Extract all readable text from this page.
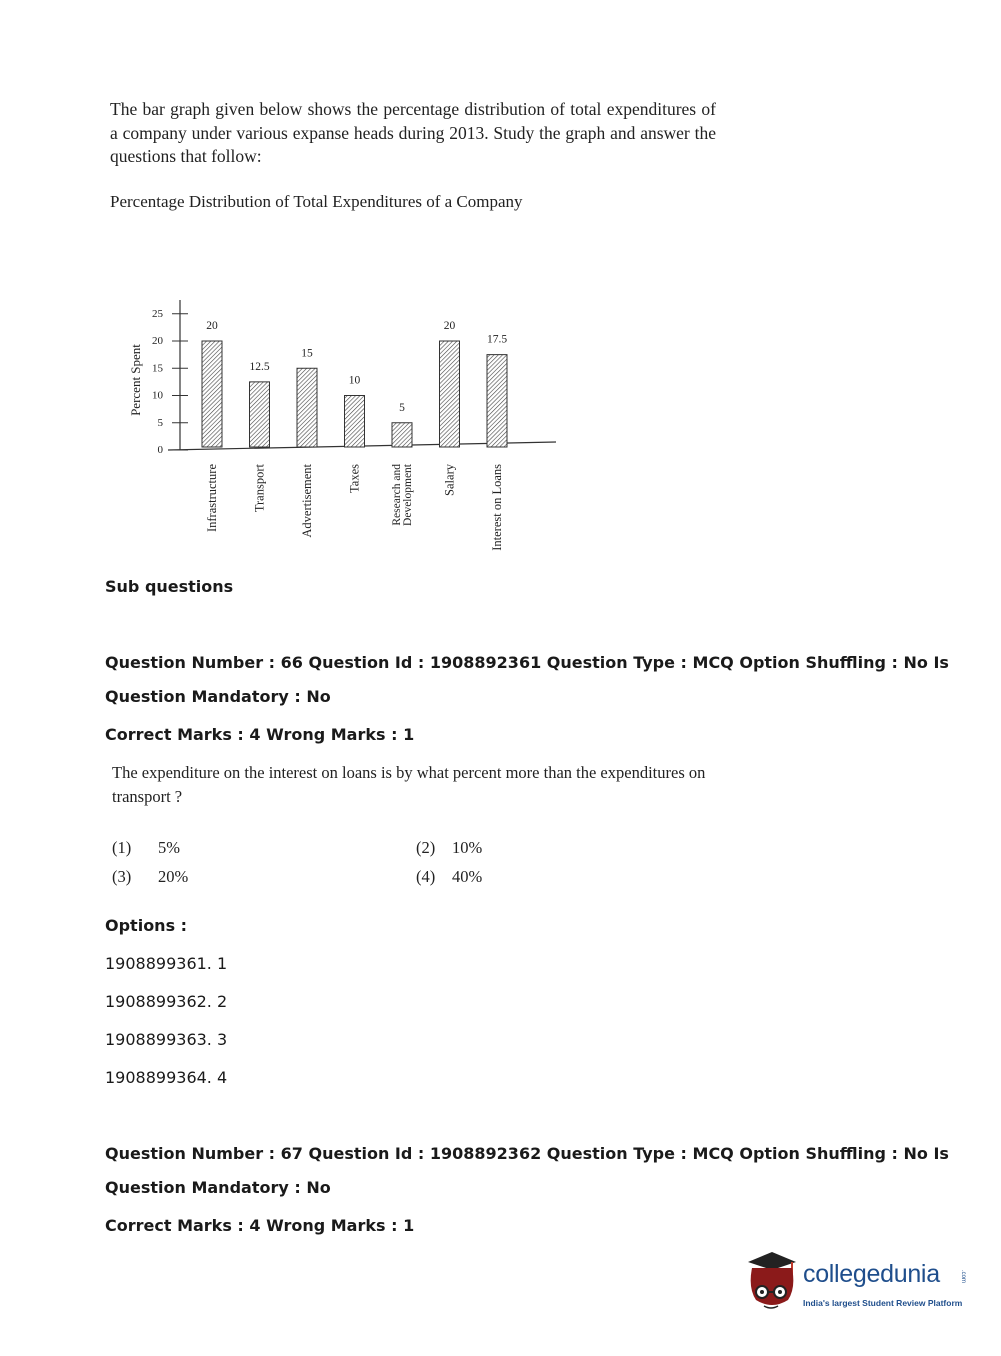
The bar graph given below shows the percentage distribution of total expenditures of a company under various expanse heads during 2013. Study the graph and answer the questions that follow:
Percentage Distribution of Total Expenditures of a Company
0
5
10
15
20
25
Percent Spent
20
Infrastructure
12.5
Transport
15
Advertisement
10
Taxes
5
Research and Development
20
Salary
17.5
Interest on Loans
Sub questions
Question Number : 66 Question Id : 1908892361 Question Type : MCQ Option Shuffling : No Is
Question Mandatory : No
Correct Marks : 4 Wrong Marks : 1
The expenditure on the interest on loans is by what percent more than the expenditures on transport ?
(1) 5%	(2) 10%
(3) 20%	(4) 40%
Options :
1908899361. 1
1908899362. 2
1908899363. 3
1908899364. 4
Question Number : 67 Question Id : 1908892362 Question Type : MCQ Option Shuffling : No Is
Question Mandatory : No
Correct Marks : 4 Wrong Marks : 1
collegedunia	.com
India's largest Student Review Platform
